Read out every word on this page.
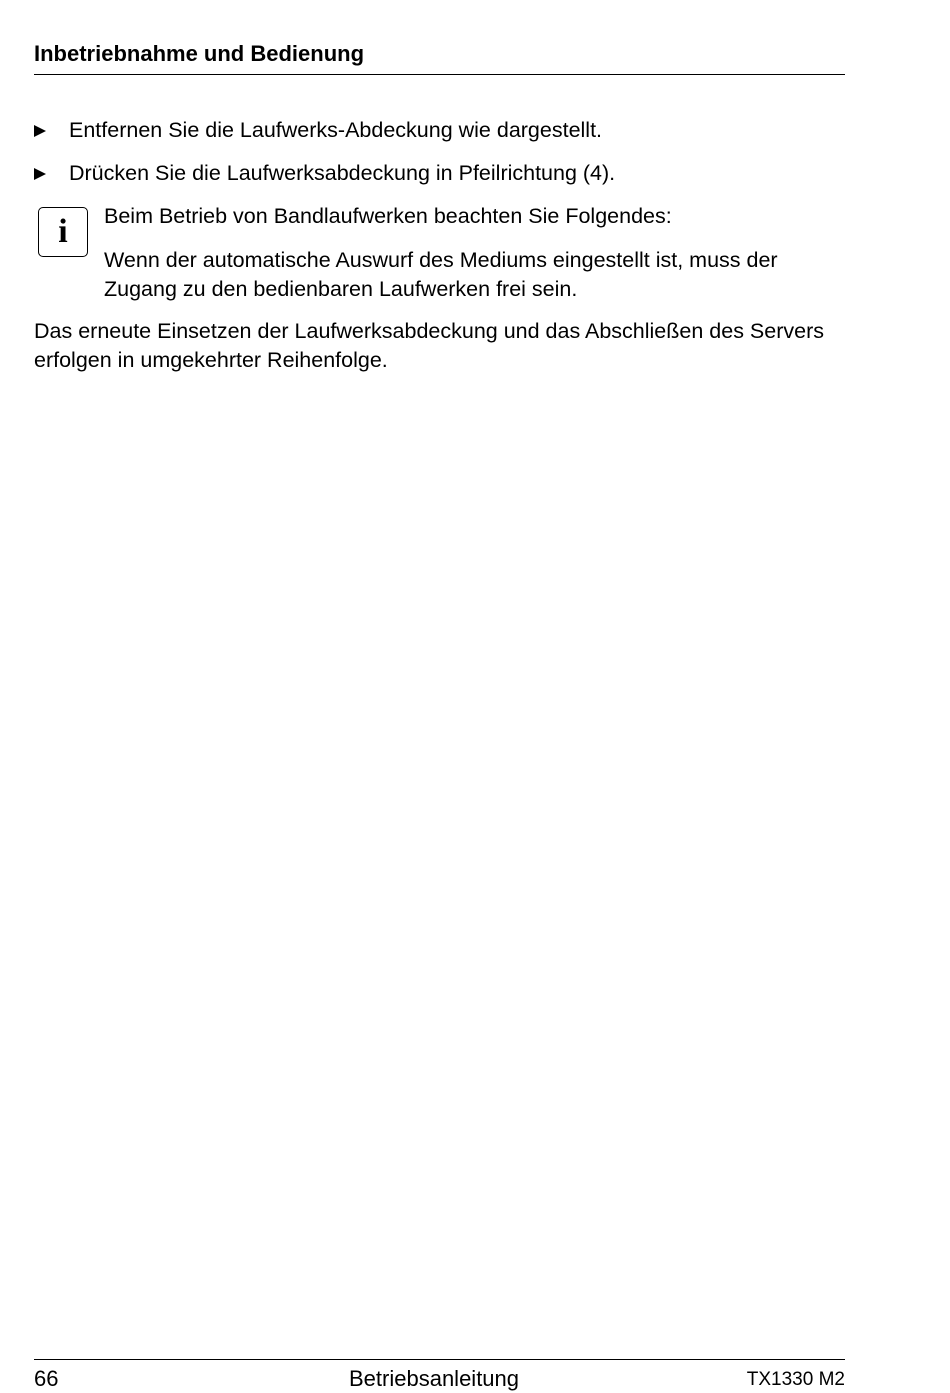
Inbetriebnahme und Bedienung
Entfernen Sie die Laufwerks-Abdeckung wie dargestellt.
Drücken Sie die Laufwerksabdeckung in Pfeilrichtung (4).
i	Beim Betrieb von Bandlaufwerken beachten Sie Folgendes:
Wenn der automatische Auswurf des Mediums eingestellt ist, muss der Zugang zu den bedienbaren Laufwerken frei sein.
Das erneute Einsetzen der Laufwerksabdeckung und das Abschließen des Servers erfolgen in umgekehrter Reihenfolge.
66	Betriebsanleitung	TX1330 M2
